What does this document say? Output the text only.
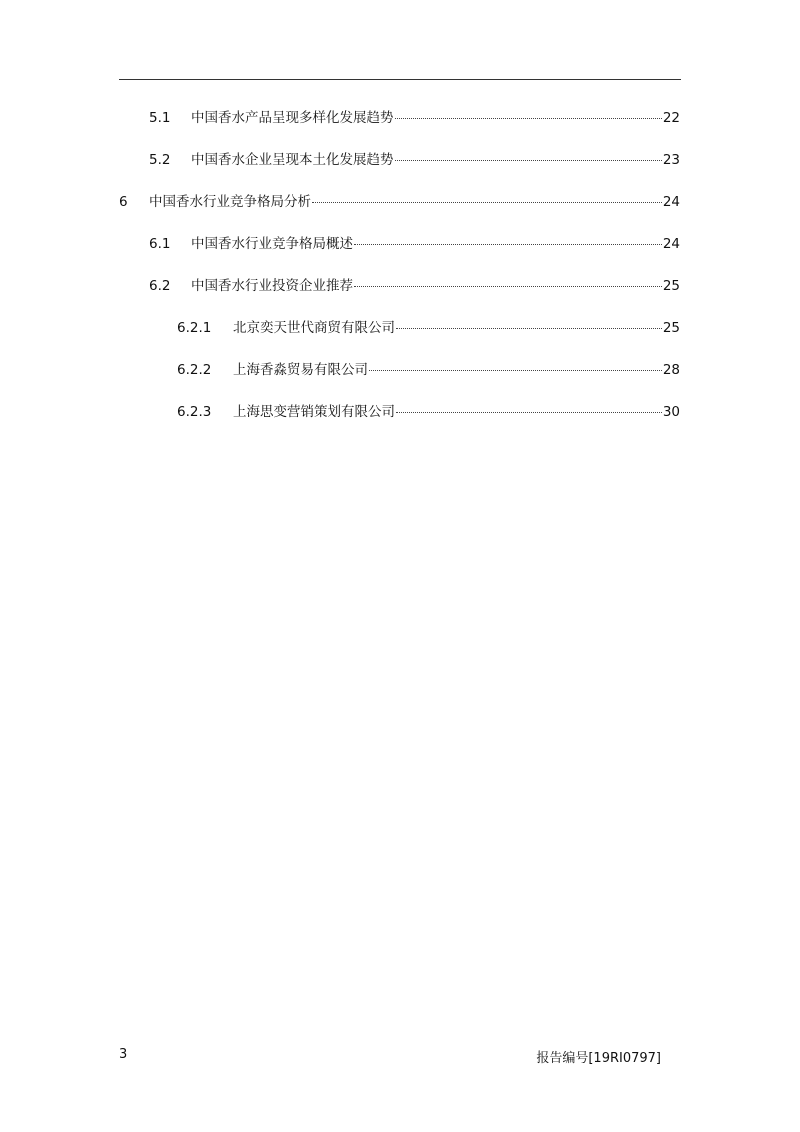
5.1	中国香水产品呈现多样化发展趋势	22
5.2	中国香水企业呈现本土化发展趋势	23
6	中国香水行业竞争格局分析	24
6.1	中国香水行业竞争格局概述	24
6.2	中国香水行业投资企业推荐	25
6.2.1	北京奕天世代商贸有限公司	25
6.2.2	上海香淼贸易有限公司	28
6.2.3	上海思变营销策划有限公司	30
3	报告编号[19RI0797]
